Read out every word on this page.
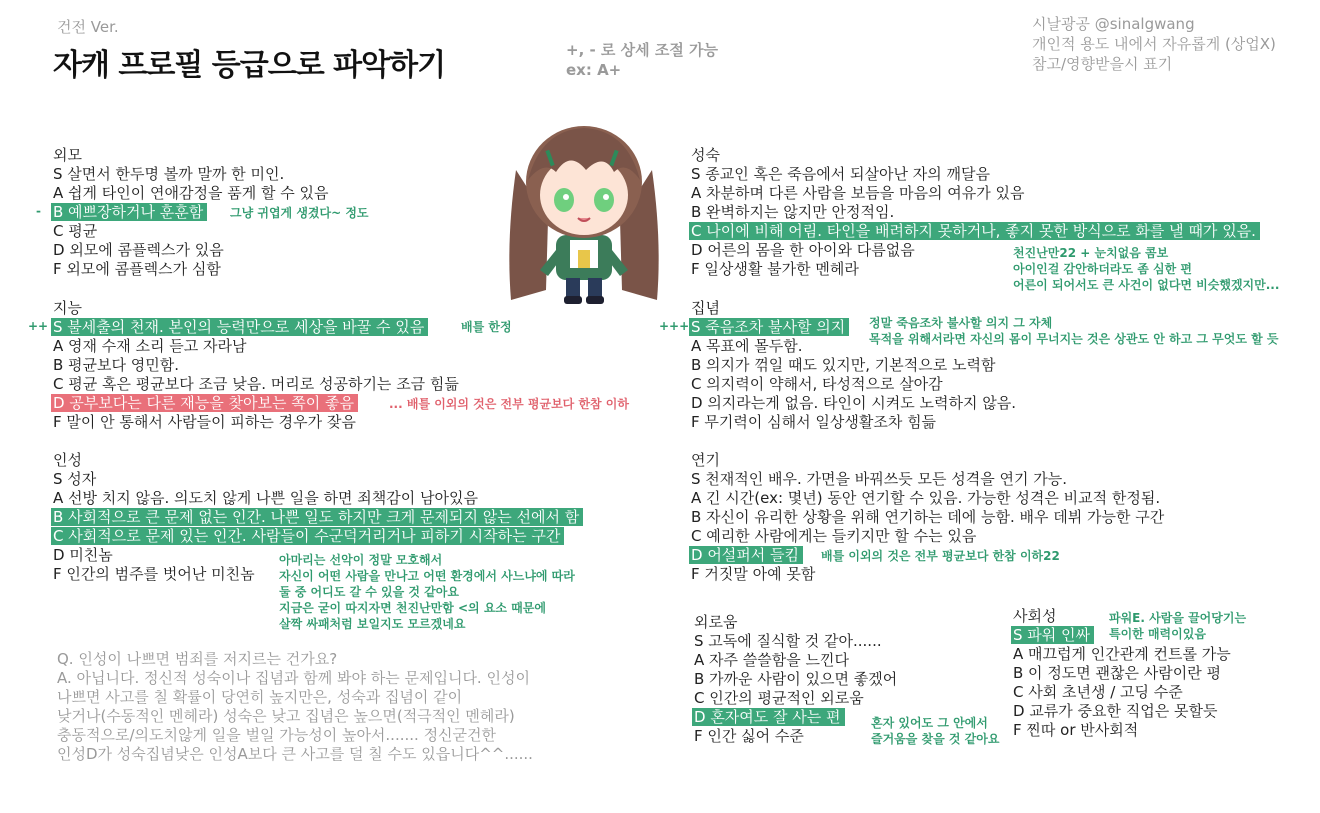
건전 Ver.
자캐 프로필 등급으로 파악하기	+, - 로 상세 조절 가능
ex: A+
시날광공 @sinalgwang
개인적 용도 내에서 자유롭게 (상업X)
참고/영향받을시 표기
외모
S 살면서 한두명 볼까 말까 한 미인.
A 쉽게 타인이 연애감정을 품게 할 수 있음
B 예쁘장하거나 훈훈함
C 평균
D 외모에 콤플렉스가 있음
F 외모에 콤플렉스가 심함
-	그냥 귀엽게 생겼다~ 정도
지능
S 불세출의 천재. 본인의 능력만으로 세상을 바꿀 수 있음
A 영재 수재 소리 듣고 자라남
B 평균보다 영민함.
C 평균 혹은 평균보다 조금 낮음. 머리로 성공하기는 조금 힘듦
D 공부보다는 다른 재능을 찾아보는 쪽이 좋음
F 말이 안 통해서 사람들이 피하는 경우가 잦음
++	배틀 한정
... 배틀 이외의 것은 전부 평균보다 한참 이하
인성
S 성자
A 선방 치지 않음. 의도치 않게 나쁜 일을 하면 죄책감이 남아있음
B 사회적으로 큰 문제 없는 인간. 나쁜 일도 하지만 크게 문제되지 않는 선에서 함
C 사회적으로 문제 있는 인간. 사람들이 수군덕거리거나 피하기 시작하는 구간
D 미친놈
F 인간의 범주를 벗어난 미친놈
아마리는 선악이 정말 모호해서
자신이 어떤 사람을 만나고 어떤 환경에서 사느냐에 따라
둘 중 어디도 갈 수 있을 것 같아요
지금은 굳이 따지자면 천진난만함 <의 요소 때문에
살짝 싸패처럼 보일지도 모르겠네요
Q. 인성이 나쁘면 범죄를 저지르는 건가요?
A. 아닙니다. 정신적 성숙이나 집념과 함께 봐야 하는 문제입니다. 인성이
나쁘면 사고를 칠 확률이 당연히 높지만은, 성숙과 집념이 같이
낮거나(수동적인 멘헤라) 성숙은 낮고 집념은 높으면(적극적인 멘헤라)
충동적으로/의도치않게 일을 벌일 가능성이 높아서....... 정신굳건한
인성D가 성숙집념낮은 인성A보다 큰 사고를 덜 칠 수도 있읍니다^^......
성숙
S 종교인 혹은 죽음에서 되살아난 자의 깨달음
A 차분하며 다른 사람을 보듬을 마음의 여유가 있음
B 완벽하지는 않지만 안정적임.
C 나이에 비해 어림. 타인을 배려하지 못하거나, 좋지 못한 방식으로 화를 낼 때가 있음.
D 어른의 몸을 한 아이와 다름없음
F 일상생활 불가한 멘헤라
천진난만22 + 눈치없음 콤보
아이인걸 감안하더라도 좀 심한 편
어른이 되어서도 큰 사건이 없다면 비슷했겠지만...
집념
S 죽음조차 불사할 의지
A 목표에 몰두함.
B 의지가 꺾일 때도 있지만, 기본적으로 노력함
C 의지력이 약해서, 타성적으로 살아감
D 의지라는게 없음. 타인이 시켜도 노력하지 않음.
F 무기력이 심해서 일상생활조차 힘듦
+++	정말 죽음조차 불사할 의지 그 자체
목적을 위해서라면 자신의 몸이 무너지는 것은 상관도 안 하고 그 무엇도 할 듯
연기
S 천재적인 배우. 가면을 바꿔쓰듯 모든 성격을 연기 가능.
A 긴 시간(ex: 몇년) 동안 연기할 수 있음. 가능한 성격은 비교적 한정됨.
B 자신이 유리한 상황을 위해 연기하는 데에 능함. 배우 데뷔 가능한 구간
C 예리한 사람에게는 들키지만 할 수는 있음
D 어설퍼서 들킴
F 거짓말 아예 못함
배틀 이외의 것은 전부 평균보다 한참 이하22
외로움
S 고독에 질식할 것 같아......
A 자주 쓸쓸함을 느낀다
B 가까운 사람이 있으면 좋겠어
C 인간의 평균적인 외로움
D 혼자여도 잘 사는 편
F 인간 싫어 수준
혼자 있어도 그 안에서
즐거움을 찾을 것 같아요
사회성
S 파워 인싸
A 매끄럽게 인간관계 컨트롤 가능
B 이 정도면 괜찮은 사람이란 평
C 사회 초년생 / 고딩 수준
D 교류가 중요한 직업은 못할듯
F 찐따 or 반사회적
파워E. 사람을 끌어당기는
특이한 매력이있음
